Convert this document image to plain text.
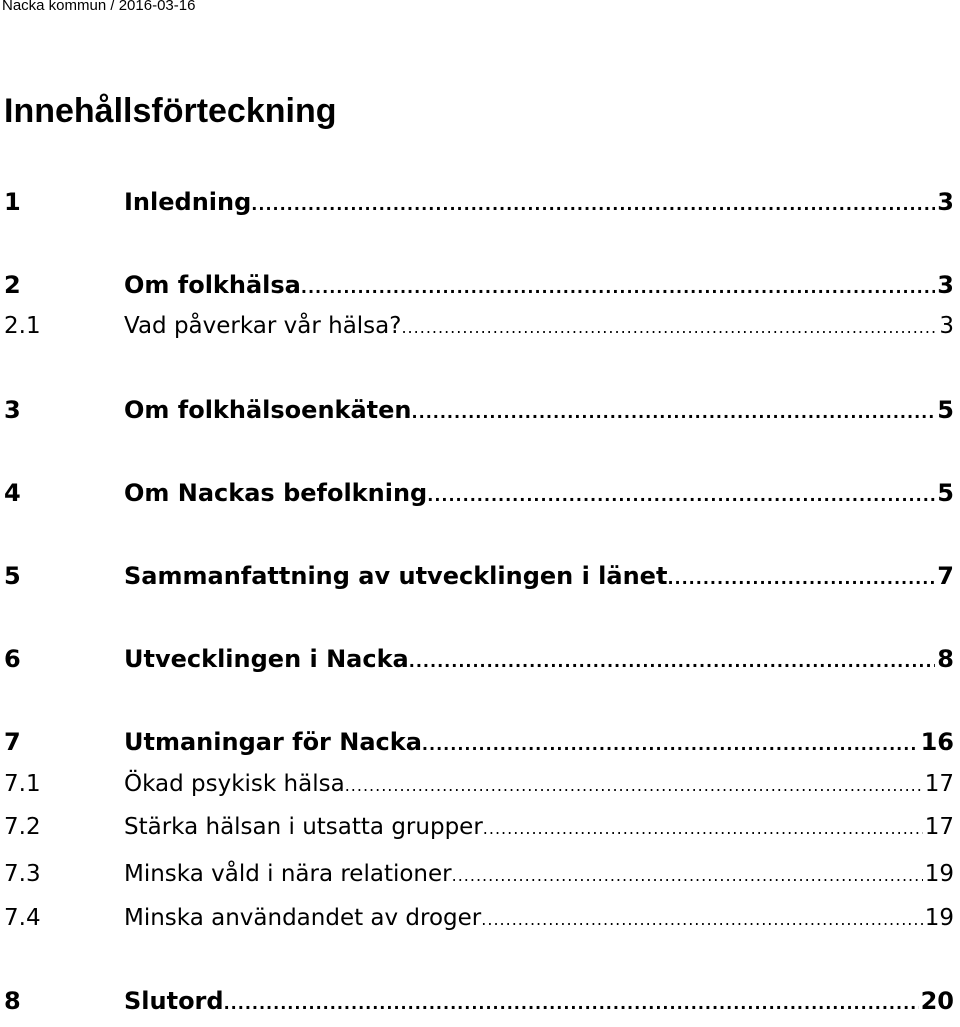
Nacka kommun / 2016-03-16
Innehållsförteckning
1	Inledning .....	3
2	Om folkhälsa .....	3
2.1	Vad påverkar vår hälsa? .....	3
3	Om folkhälsoenkäten .....	5
4	Om Nackas befolkning .....	5
5	Sammanfattning av utvecklingen i länet .....	7
6	Utvecklingen i Nacka .....	8
7	Utmaningar för Nacka .....	16
7.1	Ökad psykisk hälsa .....	17
7.2	Stärka hälsan i utsatta grupper .....	17
7.3	Minska våld i nära relationer .....	19
7.4	Minska användandet av droger .....	19
8	Slutord .....	20
